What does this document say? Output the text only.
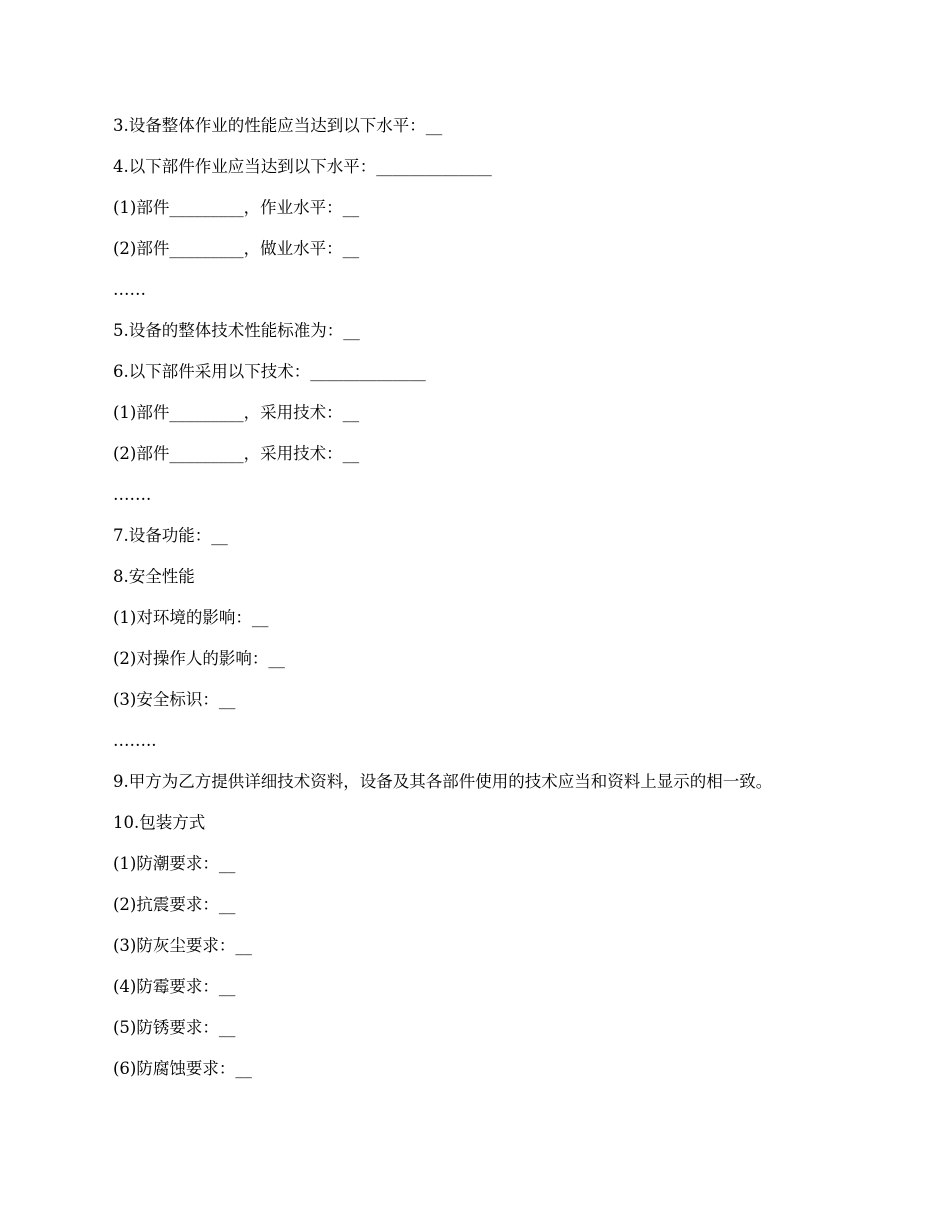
3.设备整体作业的性能应当达到以下水平：__
4.以下部件作业应当达到以下水平：______________
(1)部件_________，作业水平：__
(2)部件_________，做业水平：__
……
5.设备的整体技术性能标准为：__
6.以下部件采用以下技术：______________
(1)部件_________，采用技术：__
(2)部件_________，采用技术：__
…….
7.设备功能：__
8.安全性能
(1)对环境的影响：__
(2)对操作人的影响：__
(3)安全标识：__
……..
9.甲方为乙方提供详细技术资料，设备及其各部件使用的技术应当和资料上显示的相一致。
10.包装方式
(1)防潮要求：__
(2)抗震要求：__
(3)防灰尘要求：__
(4)防霉要求：__
(5)防锈要求：__
(6)防腐蚀要求：__
